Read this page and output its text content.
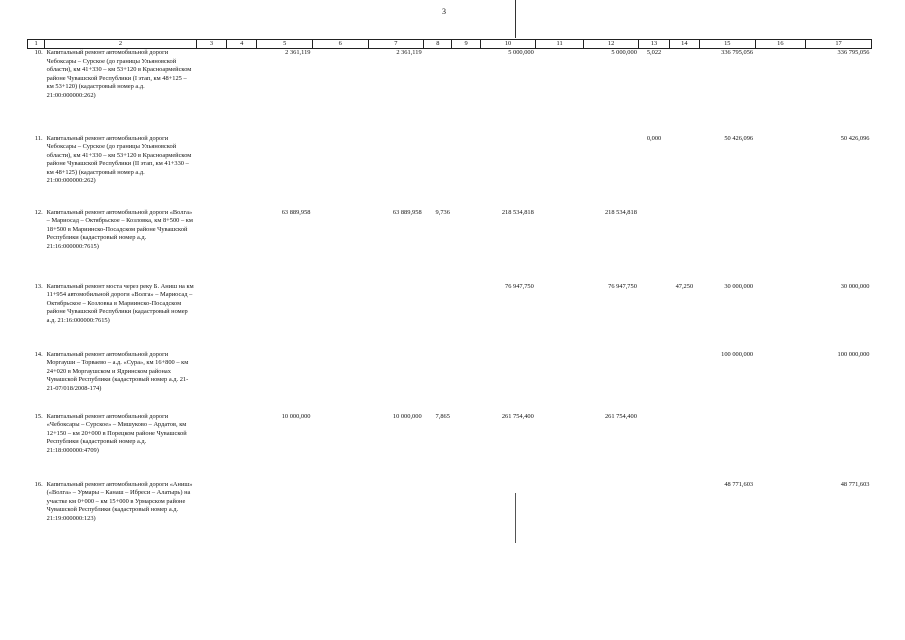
3
1	2	3	4	5	6	7	8	9	10	11	12	13	14	15	16	17
10.	Капитальный ремонт автомобильной дороги Чебоксары – Сурское (до границы Ульяновской области), км 41+330 – км 53+120 в Красноармейском районе Чувашской Республики (I этап, км 48+125 – км 53+120) (кадастровый номер а.д. 21:00:000000:262)			2 361,119		2 361,119			5 000,000		5 000,000	5,022		336 795,056		336 795,056
11.	Капитальный ремонт автомобильной дороги Чебоксары – Сурское (до границы Ульяновской области), км 41+330 – км 53+120 в Красноармейском районе Чувашской Республики (II этап, км 41+330 – км 48+125) (кадастровый номер а.д. 21:00:000000:262)											0,000		50 426,096		50 426,096
12.	Капитальный ремонт автомобильной дороги «Волга» – Мариосад – Октябрьское – Козловка, км 8+500 – км 18+500 в Мариинско-Посадском районе Чувашской Республики (кадастровый номер а.д. 21:16:000000:7615)			63 889,958		63 889,958	9,736		218 534,818		218 534,818					
13.	Капитальный ремонт моста через реку Б. Аниш на км 11+954 автомобильной дороги «Волга» – Мариосад – Октябрьское – Козловка в Мариинско-Посадском районе Чувашской Республики (кадастровый номер а.д. 21:16:000000:7615)								76 947,750		76 947,750		47,250	30 000,000		30 000,000
14.	Капитальный ремонт автомобильной дороги Моргауши – Торваево – а.д. «Сура», км 16+800 – км 24+020 в Моргаушском и Ядринском районах Чувашской Республики (кадастровый номер а.д. 21-21-07/018/2008-174)													100 000,000		100 000,000
15.	Капитальный ремонт автомобильной дороги «Чебоксары – Сурское» – Мишуково – Ардатов, км 12+150 – км 20+000 в Порецком районе Чувашской Республики (кадастровый номер а.д. 21:18:000000:4709)			10 000,000		10 000,000	7,865		261 754,400		261 754,400					
16.	Капитальный ремонт автомобильной дороги «Аниш» («Волга» – Урмары – Канаш – Ибреси – Алатырь) на участке км 0+000 – км 15+000 в Урмарском районе Чувашской Республики (кадастровый номер а.д. 21:19:000000:123)													48 771,603		48 771,603
